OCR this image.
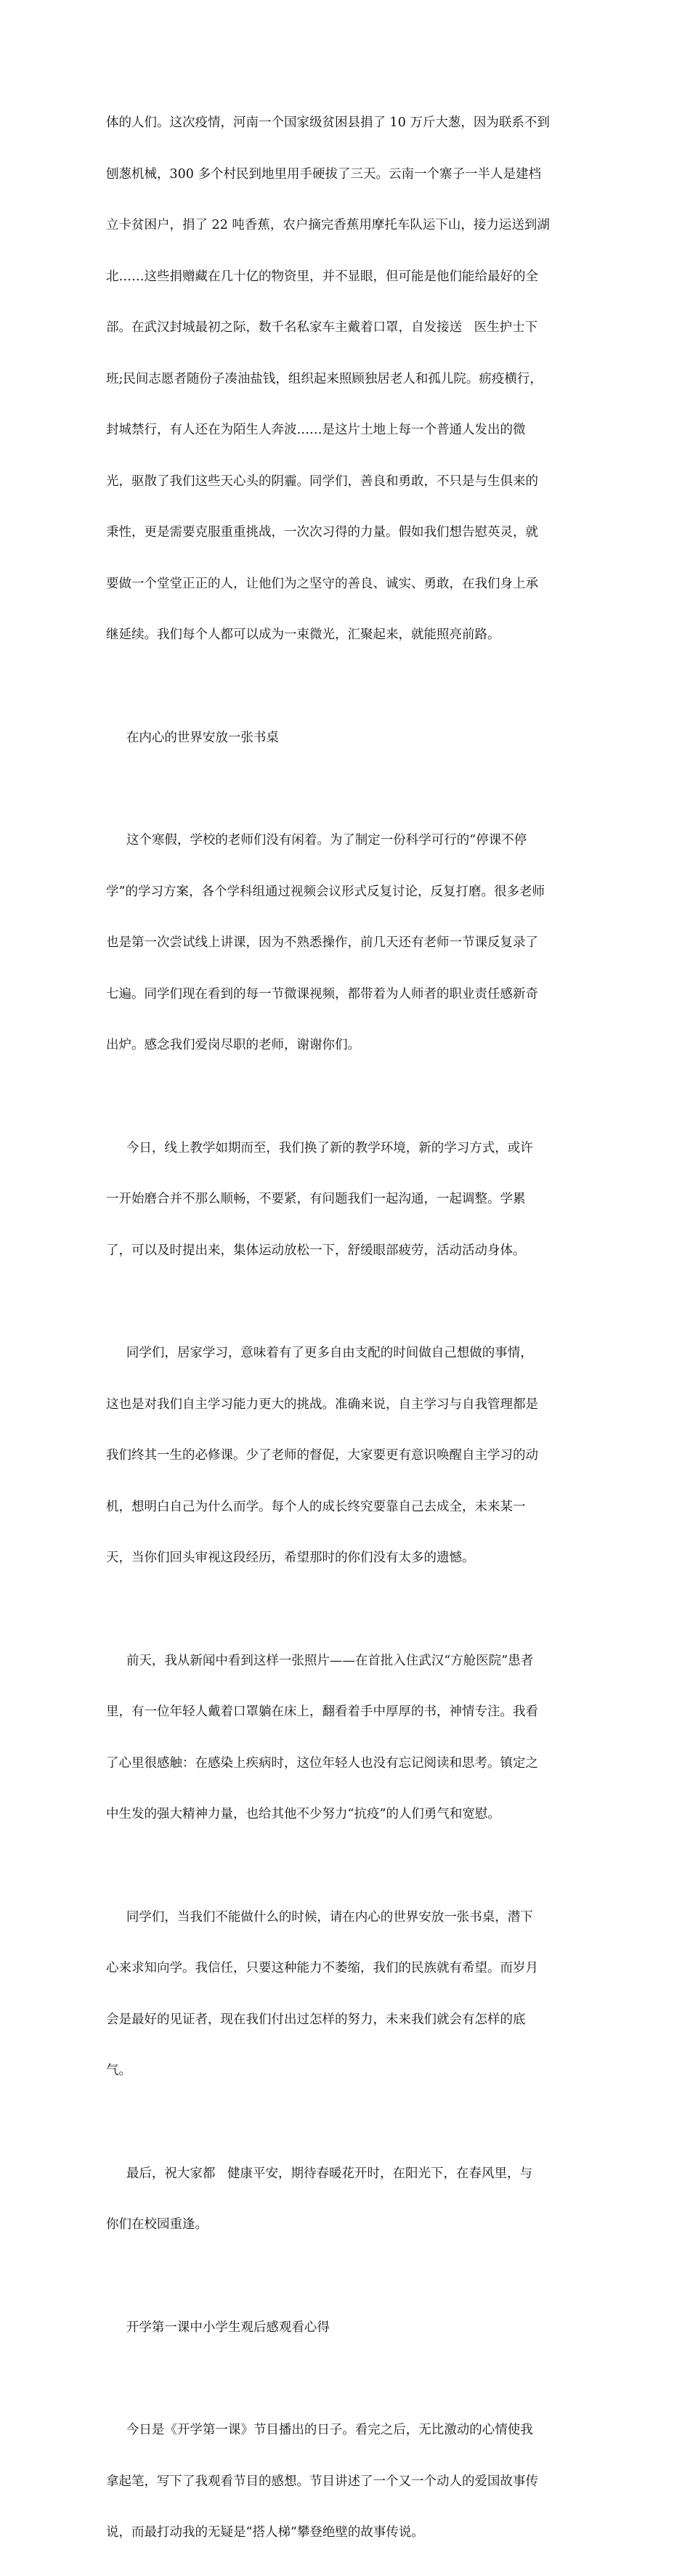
体的人们。这次疫情，河南一个国家级贫困县捐了 10 万斤大葱，因为联系不到

刨葱机械，300 多个村民到地里用手硬拔了三天。云南一个寨子一半人是建档

立卡贫困户，捐了 22 吨香蕉，农户摘完香蕉用摩托车队运下山，接力运送到湖

北……这些捐赠藏在几十亿的物资里，并不显眼，但可能是他们能给最好的全

部。在武汉封城最初之际，数千名私家车主戴着口罩，自发接送   医生护士下

班;民间志愿者随份子凑油盐钱，组织起来照顾独居老人和孤儿院。疬疫横行，

封城禁行，有人还在为陌生人奔波……是这片土地上每一个普通人发出的微

光，驱散了我们这些天心头的阴霾。同学们，善良和勇敢，不只是与生俱来的

秉性，更是需要克服重重挑战，一次次习得的力量。假如我们想告慰英灵，就

要做一个堂堂正正的人，让他们为之坚守的善良、诚实、勇敢，在我们身上承

继延续。我们每个人都可以成为一束微光，汇聚起来，就能照亮前路。

在内心的世界安放一张书桌

这个寒假，学校的老师们没有闲着。为了制定一份科学可行的“停课不停

学”的学习方案，各个学科组通过视频会议形式反复讨论，反复打磨。很多老师

也是第一次尝试线上讲课，因为不熟悉操作，前几天还有老师一节课反复录了

七遍。同学们现在看到的每一节微课视频，都带着为人师者的职业责任感新奇

出炉。感念我们爱岗尽职的老师，谢谢你们。

今日，线上教学如期而至，我们换了新的教学环境，新的学习方式，或许

一开始磨合并不那么顺畅，不要紧，有问题我们一起沟通，一起调整。学累

了，可以及时提出来，集体运动放松一下，舒缓眼部疲劳，活动活动身体。

同学们，居家学习，意味着有了更多自由支配的时间做自己想做的事情，

这也是对我们自主学习能力更大的挑战。准确来说，自主学习与自我管理都是

我们终其一生的必修课。少了老师的督促，大家要更有意识唤醒自主学习的动

机，想明白自己为什么而学。每个人的成长终究要靠自己去成全，未来某一

天，当你们回头审视这段经历，希望那时的你们没有太多的遗憾。

前天，我从新闻中看到这样一张照片——在首批入住武汉“方舱医院”患者

里，有一位年轻人戴着口罩躺在床上，翻看着手中厚厚的书，神情专注。我看

了心里很感触：在感染上疾病时，这位年轻人也没有忘记阅读和思考。镇定之

中生发的强大精神力量，也给其他不少努力“抗疫”的人们勇气和宽慰。

同学们，当我们不能做什么的时候，请在内心的世界安放一张书桌，潜下

心来求知向学。我信任，只要这种能力不萎缩，我们的民族就有希望。而岁月

会是最好的见证者，现在我们付出过怎样的努力，未来我们就会有怎样的底

气。

最后，祝大家都   健康平安，期待春暖花开时，在阳光下，在春风里，与

你们在校园重逢。

开学第一课中小学生观后感观看心得

今日是《开学第一课》节目播出的日子。看完之后，无比激动的心情使我

拿起笔，写下了我观看节目的感想。节目讲述了一个又一个动人的爱国故事传

说，而最打动我的无疑是“搭人梯”攀登绝壁的故事传说。
